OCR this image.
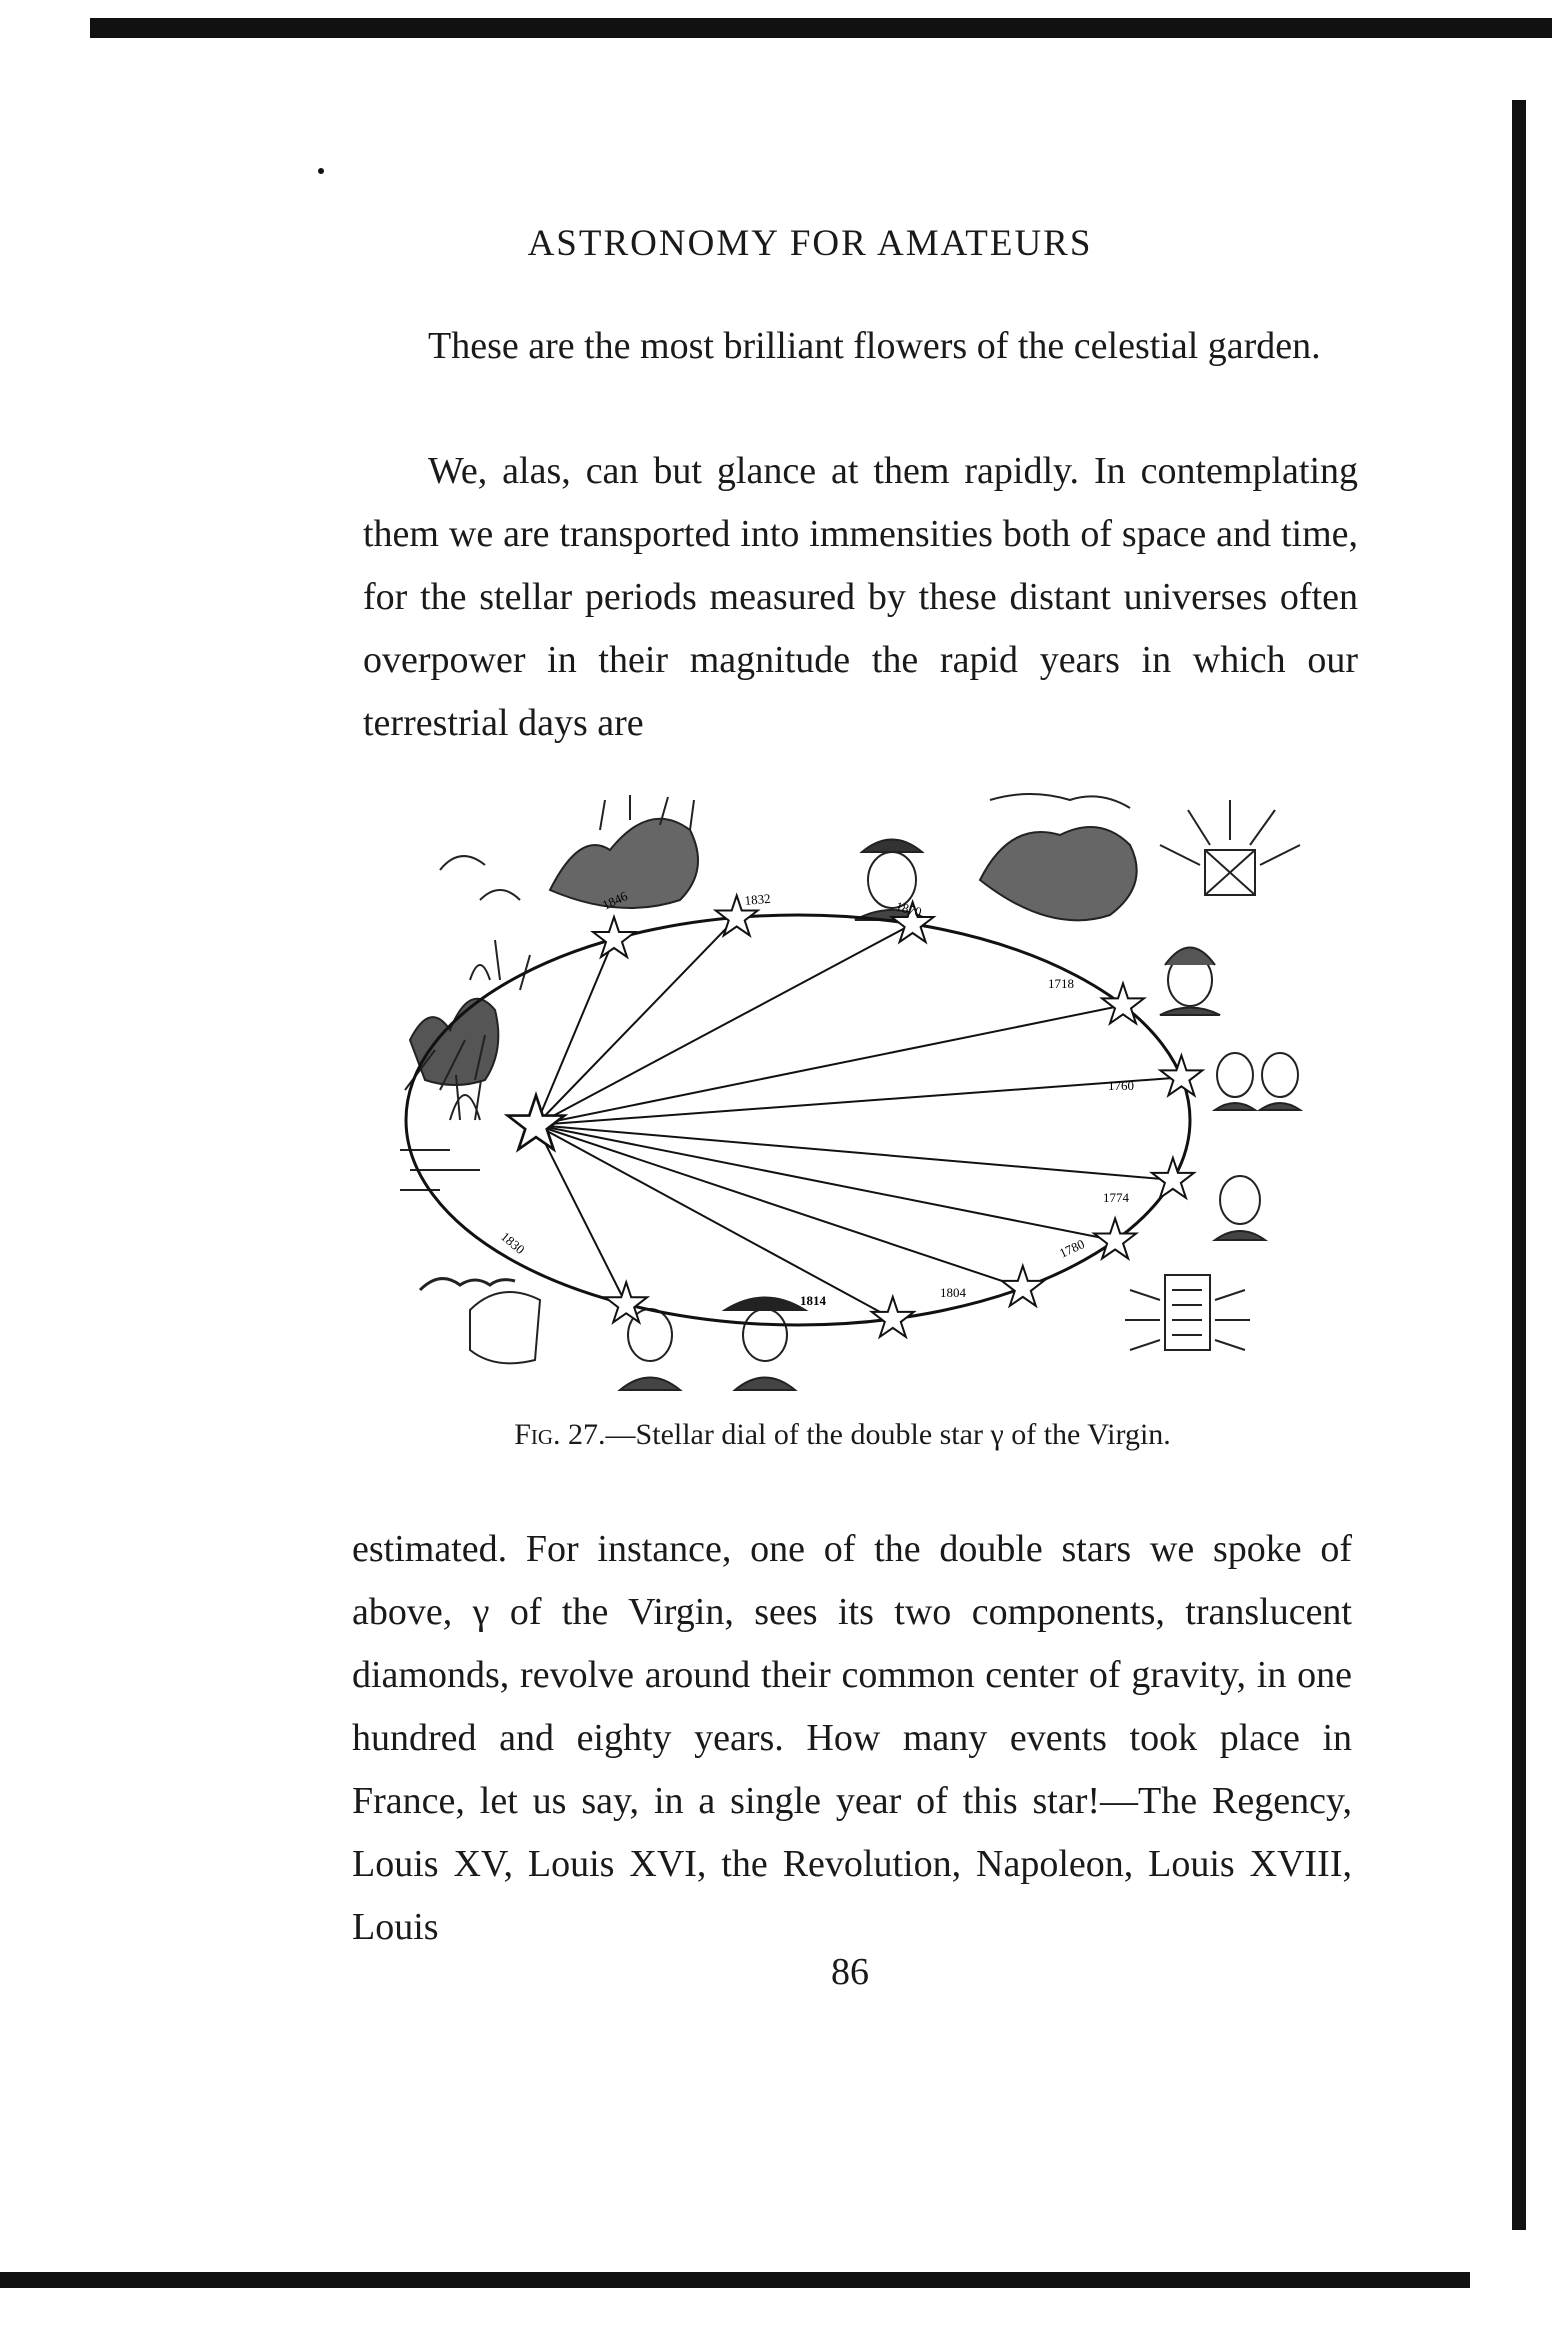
ASTRONOMY FOR AMATEURS

These are the most brilliant flowers of the celestial garden.

We, alas, can but glance at them rapidly. In contemplating them we are transported into immensities both of space and time, for the stellar periods measured by these distant universes often overpower in their magnitude the rapid years in which our terrestrial days are

1846	1832	1870
1718
1760
1774
1780
1804
1814
1830
Fig. 27.—Stellar dial of the double star γ of the Virgin.

estimated. For instance, one of the double stars we spoke of above, γ of the Virgin, sees its two components, translucent diamonds, revolve around their common center of gravity, in one hundred and eighty years. How many events took place in France, let us say, in a single year of this star!—The Regency, Louis XV, Louis XVI, the Revolution, Napoleon, Louis XVIII, Louis

86
